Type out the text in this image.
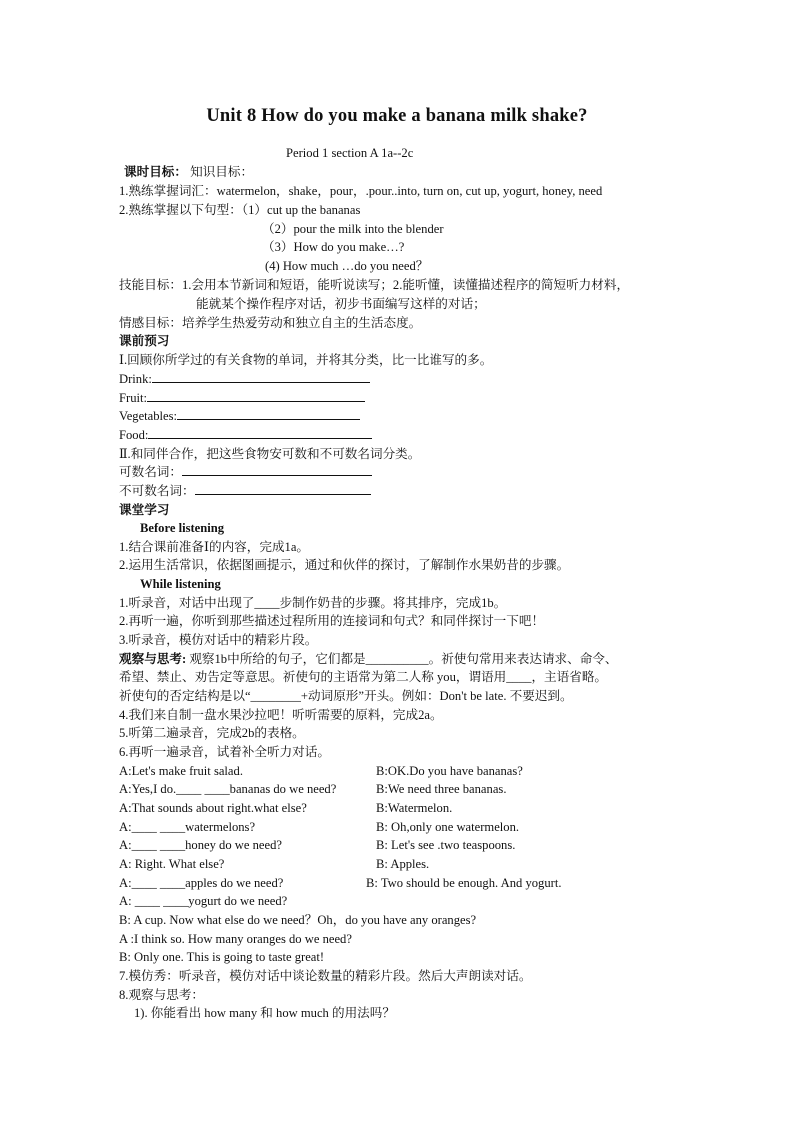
Unit 8 How do you make a banana milk shake?
Period 1 section A 1a--2c
课时目标： 知识目标：
1.熟练掌握词汇：watermelon，shake，pour，.pour..into, turn on, cut up, yogurt, honey, need
2.熟练掌握以下句型：（1）cut up the bananas
（2）pour the milk into the blender
（3）How do you make…?
(4) How much …do you need？
技能目标：1.会用本节新词和短语，能听说读写；2.能听懂，读懂描述程序的简短听力材料，
能就某个操作程序对话，初步书面编写这样的对话；
情感目标：培养学生热爱劳动和独立自主的生活态度。
课前预习
Ⅰ.回顾你所学过的有关食物的单词，并将其分类，比一比谁写的多。
Drink:
Fruit:
Vegetables:
Food:
Ⅱ.和同伴合作，把这些食物安可数和不可数名词分类。
可数名词：
不可数名词：
课堂学习
Before listening
1.结合课前准备Ⅰ的内容，完成1a。
2.运用生活常识，依据图画提示，通过和伙伴的探讨，了解制作水果奶昔的步骤。
While listening
1.听录音，对话中出现了____步制作奶昔的步骤。将其排序，完成1b。
2.再听一遍，你听到那些描述过程所用的连接词和句式？和同伴探讨一下吧！
3.听录音，模仿对话中的精彩片段。
观察与思考: 观察1b中所给的句子，它们都是__________。祈使句常用来表达请求、命令、
希望、禁止、劝告定等意思。祈使句的主语常为第二人称 you，谓语用____，主语省略。
祈使句的否定结构是以“________+动词原形”开头。例如：Don't be late. 不要迟到。
4.我们来自制一盘水果沙拉吧！听听需要的原料，完成2a。
5.听第二遍录音，完成2b的表格。
6.再听一遍录音，试着补全听力对话。
A:Let's make fruit salad.	B:OK.Do you have bananas?
A:Yes,I do.____ ____bananas do we need?	B:We need three bananas.
A:That sounds about right.what else?	B:Watermelon.
A:____ ____watermelons?	B: Oh,only one watermelon.
A:____ ____honey do we need?	B: Let's see .two teaspoons.
A: Right. What else?	B: Apples.
A:____ ____apples do we need?	B: Two should be enough. And yogurt.
A: ____ ____yogurt do we need?
B: A cup. Now what else do we need？Oh，do you have any oranges?
A :I think so. How many oranges do we need?
B: Only one. This is going to taste great!
7.模仿秀：听录音，模仿对话中谈论数量的精彩片段。然后大声朗读对话。
8.观察与思考：
1). 你能看出 how many 和 how much 的用法吗？
